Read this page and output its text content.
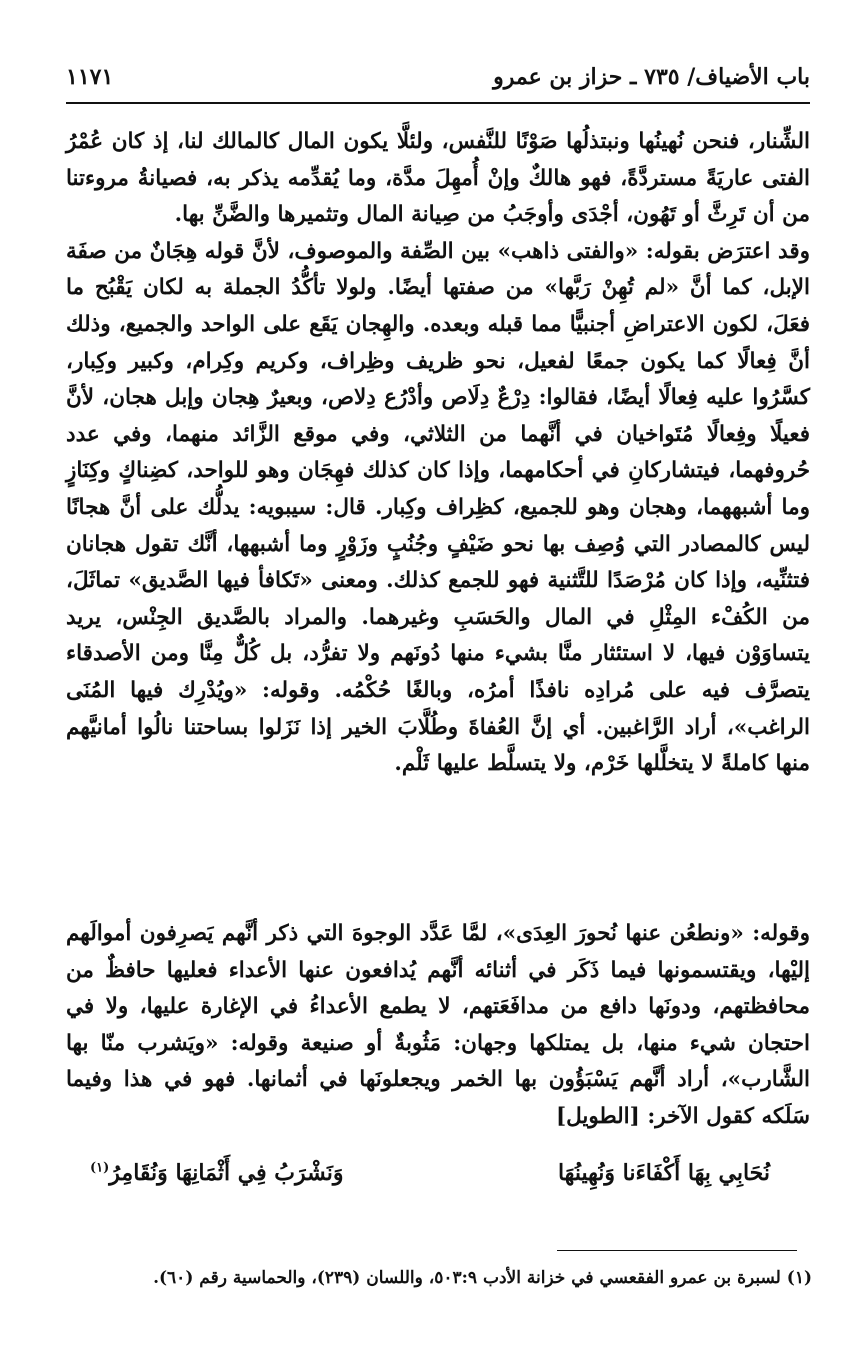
باب الأضياف/ ٧٣٥ ـ حزاز بن عمرو
١١٧١

الشِّنار، فنحن نُهينُها ونبتذلُها صَوْنًا للنَّفس، ولئلَّا يكون المال كالمالك لنا، إذ كان عُمْرُ الفتى عاريَةً مستردَّةً، فهو هالكٌ وإنْ أُمهِلَ مدَّة، وما يُقدِّمه يذكر به، فصيانةُ مروءتنا من أن تَرِثَّ أو تَهُون، أجْدَى وأوجَبُ من صِيانة المال وتثميرها والضَّنِّ بها.

وقد اعترَض بقوله: «والفتى ذاهب» بين الصِّفة والموصوف، لأنَّ قوله هِجَانٌ من صفَة الإبل، كما أنَّ «لم تُهِنْ رَبَّها» من صفتها أيضًا. ولولا تأكُّدُ الجملة به لكان يَقْبُح ما فعَلَ، لكون الاعتراضِ أجنبيًّا مما قبله وبعده. والهِجان يَقَع على الواحد والجميع، وذلك أنَّ فِعالًا كما يكون جمعًا لفعيل، نحو ظريف وظِراف، وكريم وكِرام، وكبير وكِبار، كسَّرُوا عليه فِعالًا أيضًا، فقالوا: دِرْعٌ دِلَاص وأدْرُع دِلاص، وبعيرٌ هِجان وإبل هجان، لأنَّ فعيلًا وفِعالًا مُتَواخيان في أنَّهما من الثلاثي، وفي موقع الزَّائد منهما، وفي عدد حُروفهما، فيتشاركانِ في أحكامهما، وإذا كان كذلك فهِجَان وهو للواحد، كضِناكٍ وكِنَازٍ وما أشبههما، وهجان وهو للجميع، كظِراف وكِبار. قال: سيبويه: يدلُّك على أنَّ هجانًا ليس كالمصادر التي وُصِف بها نحو ضَيْفٍ وجُنُبٍ وزَوْرٍ وما أشبهها، أنَّك تقول هجانان فتثنِّيه، وإذا كان مُرْصَدًا للتَّثنية فهو للجمع كذلك. ومعنى «تَكافأ فيها الصَّديق» تماثَلَ، من الكُفْء المِثْلِ في المال والحَسَبِ وغيرهما. والمراد بالصَّديق الجِنْس، يريد يتساوَوْن فيها، لا استئثار منَّا بشيء منها دُونَهم ولا تفرُّد، بل كُلٌّ مِنَّا ومن الأصدقاء يتصرَّف فيه على مُرادِه نافذًا أمرُه، وبالغًا حُكْمُه. وقوله: «ويُدْرِك فيها المُنَى الراغب»، أراد الرَّاغبين. أي إنَّ العُفاةَ وطُلَّابَ الخير إذا نَزَلوا بساحتنا نالُوا أمانيَّهم منها كاملةً لا يتخلَّلها خَرْم، ولا يتسلَّط عليها ثَلْم.

وقوله: «ونطعُن عنها نُحورَ العِدَى»، لمَّا عَدَّد الوجوهَ التي ذكر أنَّهم يَصرِفون أموالَهم إليْها، ويقتسمونها فيما ذَكَر في أثنائه أنَّهم يُدافعون عنها الأعداء فعليها حافظٌ من محافظتهم، ودونَها دافع من مدافَعَتهم، لا يطمع الأعداءُ في الإغارة عليها، ولا في احتجان شيء منها، بل يمتلكها وجهان: مَثُوبةٌ أو صنيعة وقوله: «ويَشرب منّا بها الشَّارب»، أراد أنَّهم يَسْبَؤُون بها الخمر ويجعلونَها في أثمانها. فهو في هذا وفيما سَلَكه كقول الآخر: [الطويل]

نُحَابِي بِهَا أَكْفَاءَنا وَنُهِينُهَا
وَنَشْرَبُ فِي أَثْمَانِهَا وَنُقَامِرُ$^{(١)}$
(١) لسبرة بن عمرو الفقعسي في خزانة الأدب ٥٠٣:٩، واللسان (٢٣٩)، والحماسية رقم (٦٠).
